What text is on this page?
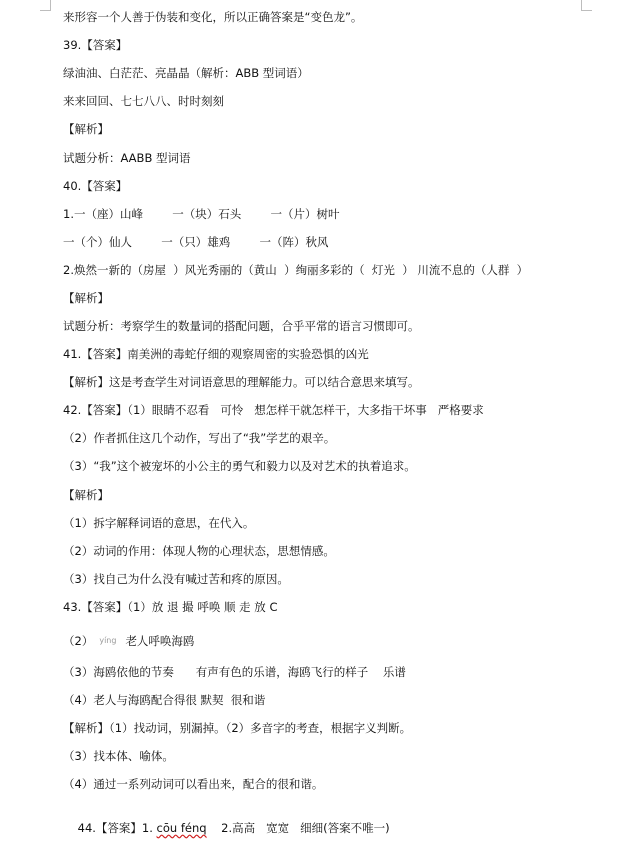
来形容一个人善于伪装和变化，所以正确答案是“变色龙”。
39.【答案】
绿油油、白茫茫、亮晶晶（解析：ABB 型词语）
来来回回、七七八八、时时刻刻
【解析】
试题分析：AABB 型词语
40.【答案】
1.一（座）山峰        一（块）石头        一（片）树叶
一（个）仙人        一（只）雄鸡        一（阵）秋风
2.焕然一新的（房屋  ）风光秀丽的（黄山  ）绚丽多彩的（  灯光  ） 川流不息的（人群  ）
【解析】
试题分析：考察学生的数量词的搭配问题，合乎平常的语言习惯即可。
41.【答案】南美洲的毒蛇仔细的观察周密的实验恐惧的凶光
【解析】这是考查学生对词语意思的理解能力。可以结合意思来填写。
42.【答案】（1）眼睛不忍看   可怜   想怎样干就怎样干，大多指干坏事   严格要求
（2）作者抓住这几个动作，写出了“我”学艺的艰辛。
（3）“我”这个被宠坏的小公主的勇气和毅力以及对艺术的执着追求。
【解析】
（1）拆字解释词语的意思，在代入。
（2）动词的作用：体现人物的心理状态，思想情感。
（3）找自己为什么没有喊过苦和疼的原因。
43.【答案】（1）放 退 撮 呼唤 顺 走 放 C
（2） yíng 老人呼唤海鸥
（3）海鸥依他的节奏      有声有色的乐谱，海鸥飞行的样子    乐谱
（4）老人与海鸥配合得很 默契  很和谐
【解析】（1）找动词，别漏掉。（2）多音字的考查，根据字义判断。
（3）找本体、喻体。
（4）通过一系列动词可以看出来，配合的很和谐。

44.【答案】1. cōu fénq    2.高高   宽宽   细细(答案不唯一)
